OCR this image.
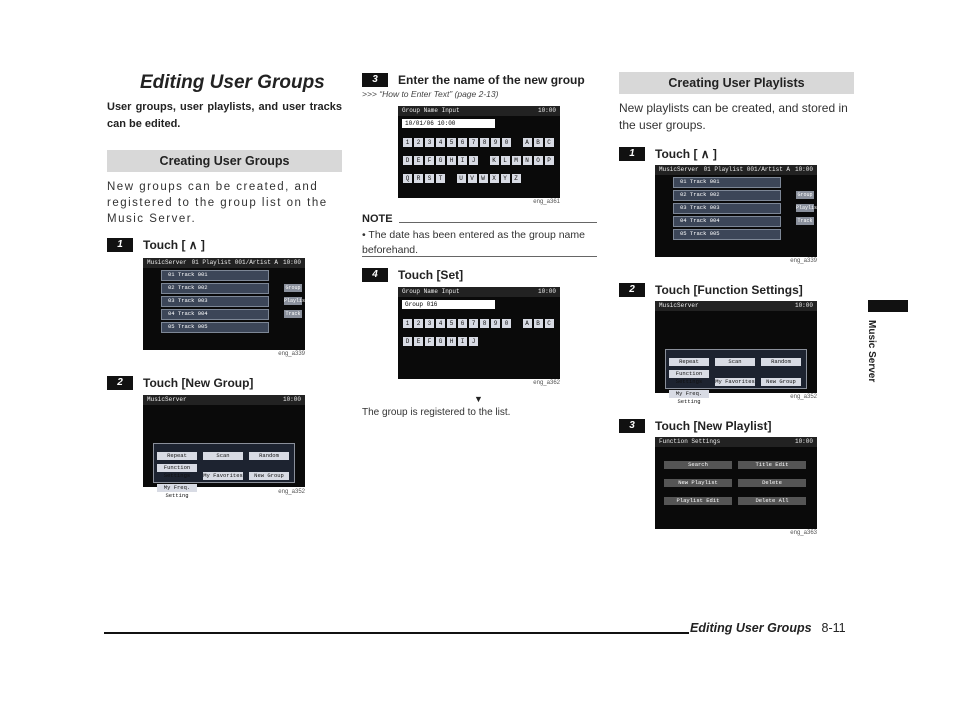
Editing User Groups
User groups, user playlists, and user tracks can be edited.
Creating User Groups
New groups can be created, and registered to the group list on the Music Server.
1	Touch [ ∧ ]
MusicServer 01 Playlist 001/Artist A 10:00
01 Track 001
02 Track 002
03 Track 003
04 Track 004
05 Track 005
Group
Playlist
Track
eng_a339
2	Touch [New Group]
MusicServer	10:00
Repeat	Scan	Random Function Settings My Favorites New Group My Freq. Setting	eng_a352
3	Enter the name of the new group
>>> “How to Enter Text” (page 2-13)
Group Name Input	10:00
10/01/06 10:00
1 2 3 4 5 6 7 8 9 0	A B CD E F G H I J	K L M N O PQ R S T	U V W X Y Z
eng_a361
NOTE
• The date has been entered as the group name beforehand.
4	Touch [Set]
Group Name Input	10:00
Group 016
1 2 3 4 5 6 7 8 9 0	A B CD E F G H I J
eng_a362
▼
The group is registered to the list.
Creating User Playlists
New playlists can be created, and stored in the user groups.
1	Touch [ ∧ ]
MusicServer 01 Playlist 001/Artist A 10:00
01 Track 001
02 Track 002
03 Track 003
04 Track 004
05 Track 005
Group
Playlist
Track
eng_a339
2	Touch [Function Settings]
MusicServer	10:00
Repeat	Scan	Random Function Settings My Favorites New Group My Freq. Setting
eng_a352
3	Touch [New Playlist]
Function Settings	10:00
Search	Title Edit New Playlist	Delete Playlist Edit	Delete All
eng_a363
Music Server
Editing User Groups 8-11
